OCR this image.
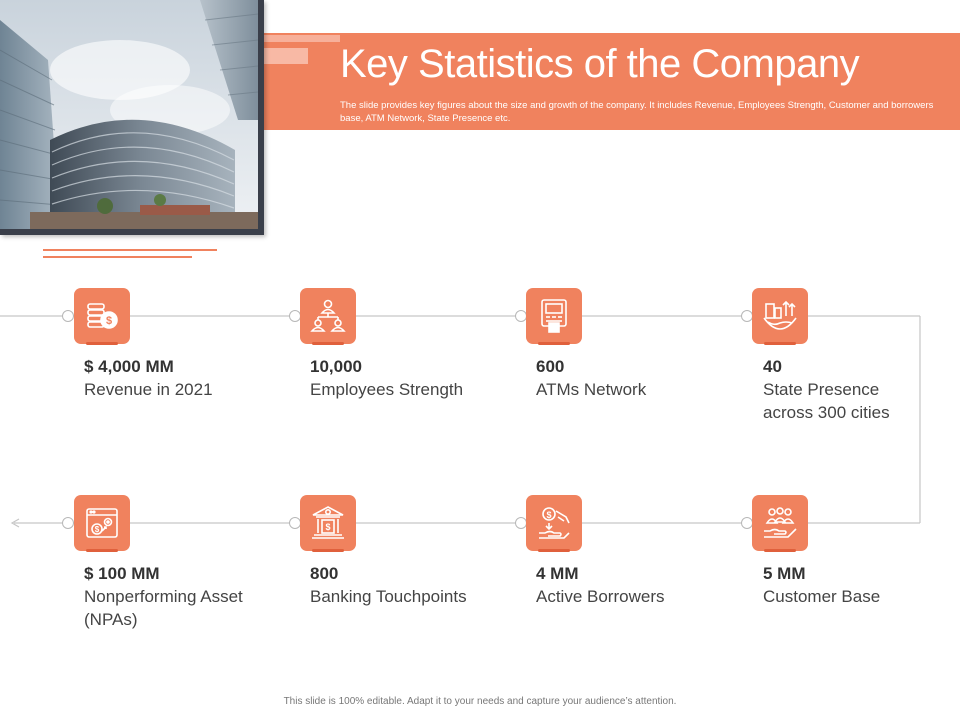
Key Statistics of the Company

The slide provides key figures about the size and growth of the company. It includes Revenue, Employees Strength, Customer and borrowers base, ATM Network, State Presence etc.

$
$ 4,000 MM
Revenue in 2021
10,000
Employees Strength
600
ATMs Network
40
State Presence across 300 cities
$
$ 100 MM
Nonperforming Asset (NPAs)
$
800
Banking Touchpoints
$
4 MM
Active Borrowers
5 MM
Customer Base
This slide is 100% editable. Adapt it to your needs and capture your audience’s attention.
